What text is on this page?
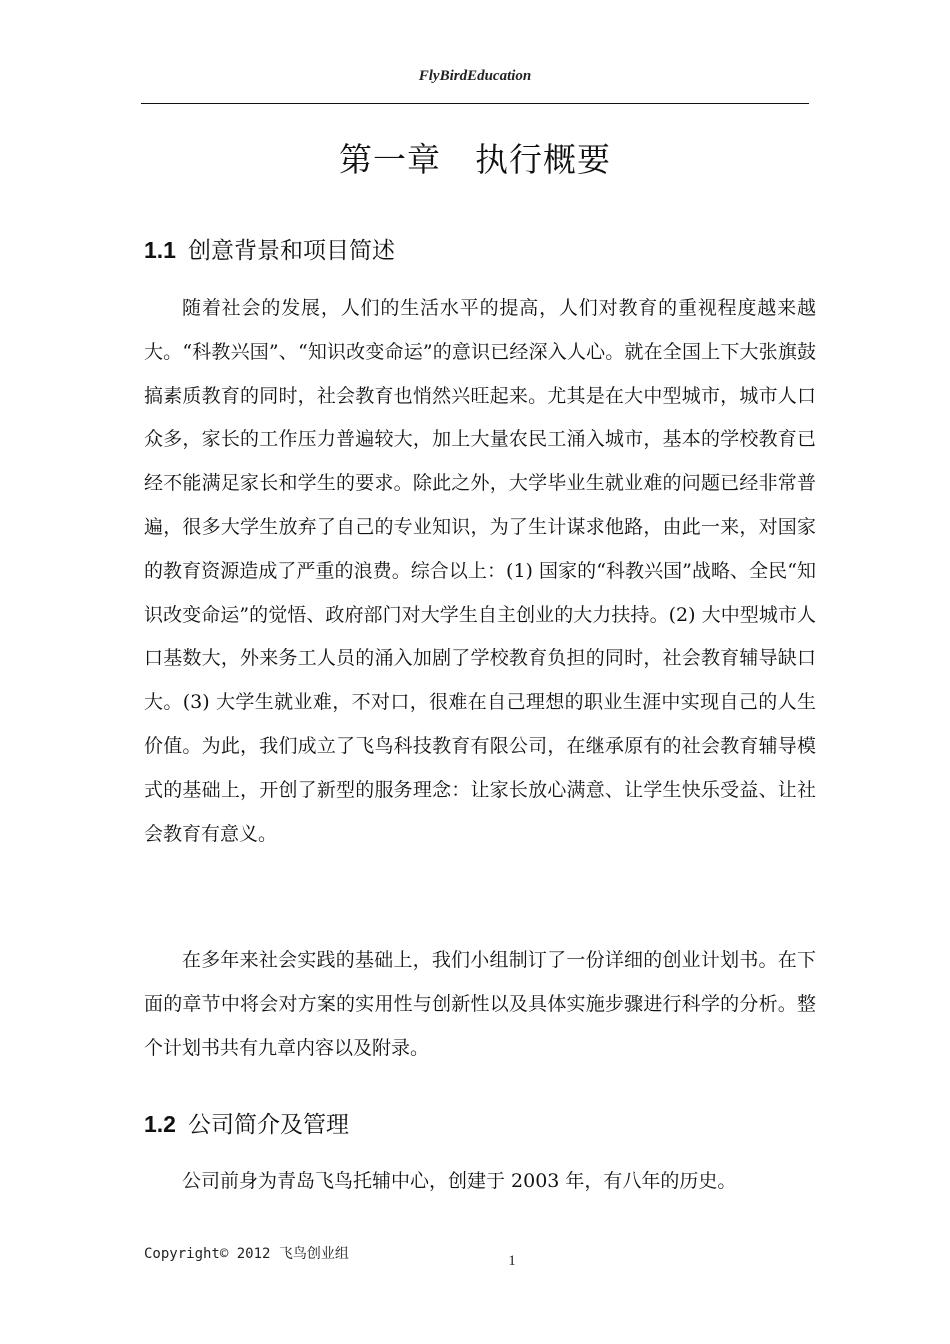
FlyBirdEducation
第一章　执行概要
1.1 创意背景和项目简述

随着社会的发展，人们的生活水平的提高，人们对教育的重视程度越来越大。“科教兴国”、“知识改变命运”的意识已经深入人心。就在全国上下大张旗鼓搞素质教育的同时，社会教育也悄然兴旺起来。尤其是在大中型城市，城市人口众多，家长的工作压力普遍较大，加上大量农民工涌入城市，基本的学校教育已经不能满足家长和学生的要求。除此之外，大学毕业生就业难的问题已经非常普遍，很多大学生放弃了自己的专业知识，为了生计谋求他路，由此一来，对国家的教育资源造成了严重的浪费。综合以上：(1) 国家的“科教兴国”战略、全民“知识改变命运”的觉悟、政府部门对大学生自主创业的大力扶持。(2) 大中型城市人口基数大，外来务工人员的涌入加剧了学校教育负担的同时，社会教育辅导缺口大。(3) 大学生就业难，不对口，很难在自己理想的职业生涯中实现自己的人生价值。为此，我们成立了飞鸟科技教育有限公司，在继承原有的社会教育辅导模式的基础上，开创了新型的服务理念：让家长放心满意、让学生快乐受益、让社会教育有意义。

在多年来社会实践的基础上，我们小组制订了一份详细的创业计划书。在下面的章节中将会对方案的实用性与创新性以及具体实施步骤进行科学的分析。整个计划书共有九章内容以及附录。

1.2 公司简介及管理

公司前身为青岛飞鸟托辅中心，创建于 2003 年，有八年的历史。

Copyright© 2012 飞鸟创业组	1
